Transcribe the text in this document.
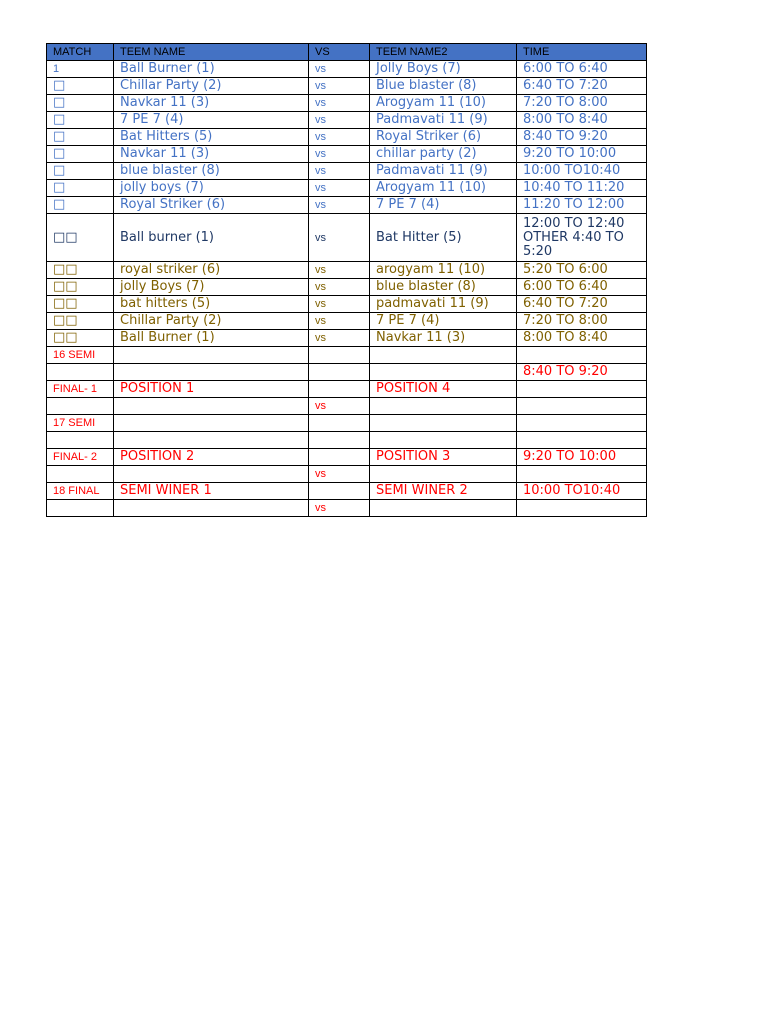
MATCH	TEEM NAME	VS	TEEM NAME2	TIME
1	Ball Burner (1)	vs	Jolly Boys (7)	6:00 TO 6:40
□	Chillar Party (2)	vs	Blue blaster (8)	6:40 TO 7:20
□	Navkar 11 (3)	vs	Arogyam 11 (10)	7:20 TO 8:00
□	7 PE 7 (4)	vs	Padmavati 11 (9)	8:00 TO 8:40
□	Bat Hitters (5)	vs	Royal Striker (6)	8:40 TO 9:20
□	Navkar 11 (3)	vs	chillar party (2)	9:20 TO 10:00
□	blue blaster (8)	vs	Padmavati 11 (9)	10:00 TO10:40
□	jolly boys (7)	vs	Arogyam 11 (10)	10:40 TO 11:20
□	Royal Striker (6)	vs	7 PE 7 (4)	11:20 TO 12:00
□□	Ball burner (1)	vs	Bat Hitter (5)	12:00 TO 12:40 OTHER 4:40 TO 5:20
□□	royal striker (6)	vs	arogyam 11 (10)	5:20 TO 6:00
□□	jolly Boys (7)	vs	blue blaster (8)	6:00 TO 6:40
□□	bat hitters (5)	vs	padmavati 11 (9)	6:40 TO 7:20
□□	Chillar Party (2)	vs	7 PE 7 (4)	7:20 TO 8:00
□□	Ball Burner (1)	vs	Navkar 11 (3)	8:00 TO 8:40
16 SEMI				
				8:40 TO 9:20
FINAL- 1	POSITION 1		POSITION 4	
		vs		
17 SEMI				

FINAL- 2	POSITION 2		POSITION 3	9:20 TO 10:00
		vs		
18 FINAL	SEMI WINER 1		SEMI WINER 2	10:00 TO10:40
		vs		
